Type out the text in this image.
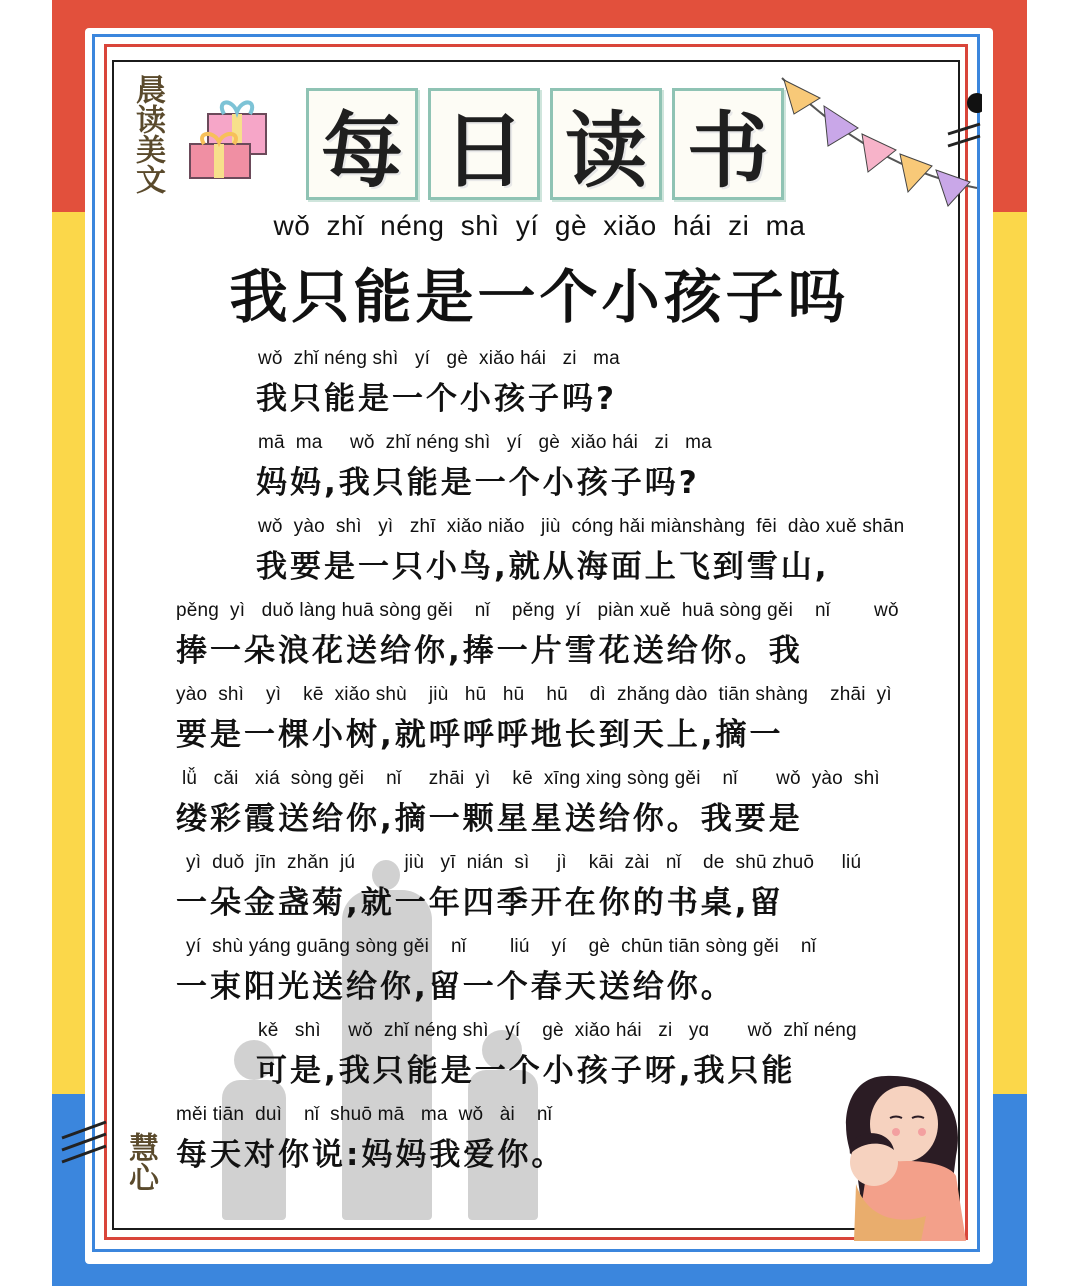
晨读美文
慧心
每 日 读 书
wǒ zhǐ néng shì yí gè xiǎo hái zi ma
我只能是一个小孩子吗
wǒ  zhǐ néng shì   yí   gè  xiǎo hái   zi   ma
我只能是一个小孩子吗?
mā  ma     wǒ  zhǐ néng shì   yí   gè  xiǎo hái   zi   ma
妈妈,我只能是一个小孩子吗?
wǒ  yào  shì   yì   zhī  xiǎo niǎo   jiù  cóng hǎi miànshàng  fēi  dào xuě shān
我要是一只小鸟,就从海面上飞到雪山,
pěng  yì   duǒ làng huā sòng gěi    nǐ    pěng  yí   piàn xuě  huā sòng gěi    nǐ        wǒ
捧一朵浪花送给你,捧一片雪花送给你。我
yào  shì    yì    kē  xiǎo shù    jiù   hū   hū    hū    dì  zhǎng dào  tiān shàng    zhāi  yì
要是一棵小树,就呼呼呼地长到天上,摘一
lǚ   cǎi   xiá  sòng gěi    nǐ     zhāi  yì    kē  xīng xing sòng gěi    nǐ       wǒ  yào  shì
缕彩霞送给你,摘一颗星星送给你。我要是
yì  duǒ  jīn  zhǎn  jú         jiù   yī  nián  sì     jì    kāi  zài   nǐ    de  shū zhuō     liú
一朵金盏菊,就一年四季开在你的书桌,留
yí  shù yáng guāng sòng gěi    nǐ        liú    yí    gè  chūn tiān sòng gěi    nǐ
一束阳光送给你,留一个春天送给你。
kě   shì     wǒ  zhǐ néng shì   yí    gè  xiǎo hái   zi   yɑ       wǒ  zhǐ néng
可是,我只能是一个小孩子呀,我只能
měi tiān  duì    nǐ  shuō mā   ma  wǒ   ài    nǐ
每天对你说:妈妈我爱你。
